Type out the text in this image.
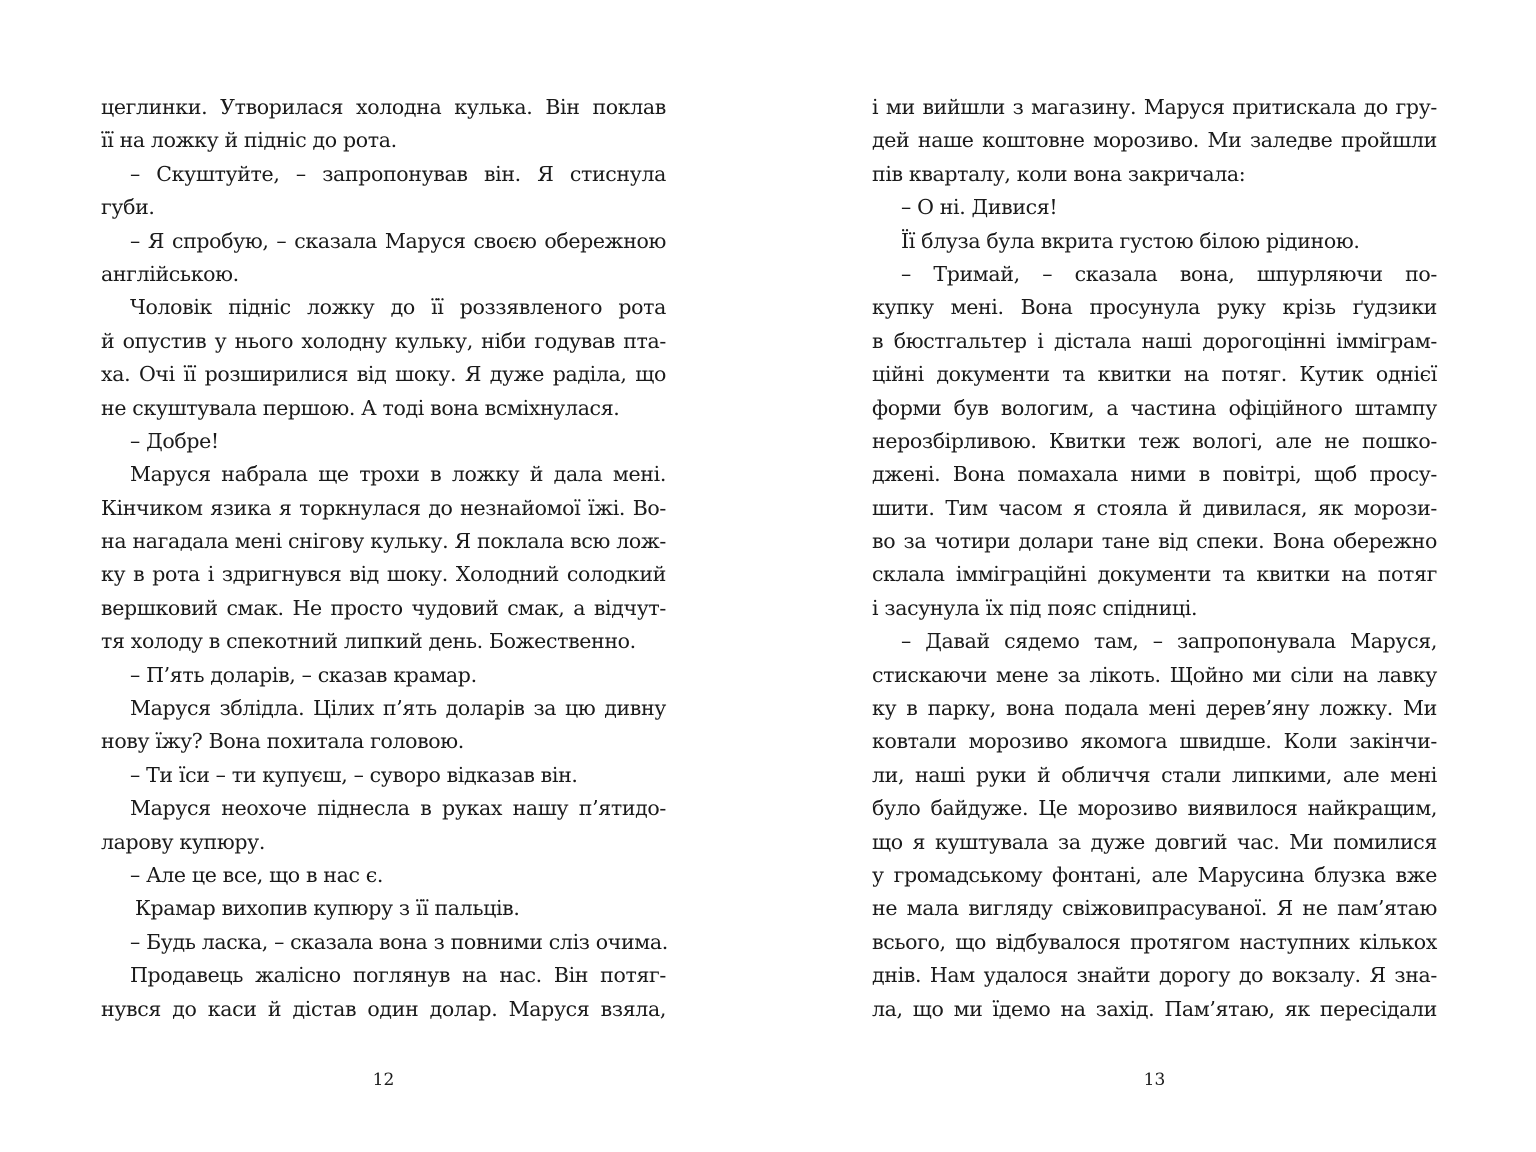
цеглинки. Утворилася холодна кулька. Він поклав
її на ложку й підніс до рота.
– Скуштуйте, – запропонував він. Я стиснула
губи.
– Я спробую, – сказала Маруся своєю обережною
англійською.
Чоловік підніс ложку до її роззявленого рота
й опустив у нього холодну кульку, ніби годував пта-
ха. Очі її розширилися від шоку. Я дуже раділа, що
не скуштувала першою. А тоді вона всміхнулася.
– Добре!
Маруся набрала ще трохи в ложку й дала мені.
Кінчиком язика я торкнулася до незнайомої їжі. Во-
на нагадала мені снігову кульку. Я поклала всю лож-
ку в рота і здригнувся від шоку. Холодний солодкий
вершковий смак. Не просто чудовий смак, а відчут-
тя холоду в спекотний липкий день. Божественно.
– П’ять доларів, – сказав крамар.
Маруся зблідла. Цілих п’ять доларів за цю дивну
нову їжу? Вона похитала головою.
– Ти їси – ти купуєш, – суворо відказав він.
Маруся неохоче піднесла в руках нашу п’ятидо-
ларову купюру.
– Але це все, що в нас є.
Крамар вихопив купюру з її пальців.
– Будь ласка, – сказала вона з повними сліз очима.
Продавець жалісно поглянув на нас. Він потяг-
нувся до каси й дістав один долар. Маруся взяла,
12
і ми вийшли з магазину. Маруся притискала до гру-
дей наше коштовне морозиво. Ми заледве пройшли
пів кварталу, коли вона закричала:
– О ні. Дивися!
Її блуза була вкрита густою білою рідиною.
– Тримай, – сказала вона, шпурляючи по-
купку мені. Вона просунула руку крізь ґудзики
в бюстгальтер і дістала наші дорогоцінні імміграм-
ційні документи та квитки на потяг. Кутик однієї
форми був вологим, а частина офіційного штампу
нерозбірливою. Квитки теж вологі, але не пошко-
джені. Вона помахала ними в повітрі, щоб просу-
шити. Тим часом я стояла й дивилася, як морози-
во за чотири долари тане від спеки. Вона обережно
склала імміграційні документи та квитки на потяг
і засунула їх під пояс спідниці.
– Давай сядемо там, – запропонувала Маруся,
стискаючи мене за лікоть. Щойно ми сіли на лавку
ку в парку, вона подала мені дерев’яну ложку. Ми
ковтали морозиво якомога швидше. Коли закінчи-
ли, наші руки й обличчя стали липкими, але мені
було байдуже. Це морозиво виявилося найкращим,
що я куштувала за дуже довгий час. Ми помилися
у громадському фонтані, але Марусина блузка вже
не мала вигляду свіжовипрасуваної. Я не пам’ятаю
всього, що відбувалося протягом наступних кількох
днів. Нам удалося знайти дорогу до вокзалу. Я зна-
ла, що ми їдемо на захід. Пам’ятаю, як пересідали
13
